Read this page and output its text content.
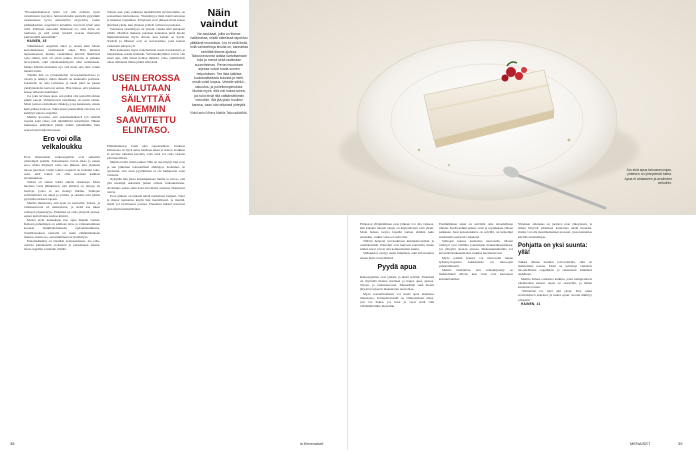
"Ennaltaehkäisevä hoito voi olla osittain myös rahoituksen kysymys. Sairaanhoidon puolella pystytään vastaamaan hyvin akuutteihin tarpeisiin, mutta pitkäaikaisten ongelmien kohdalla resurssit eivät aina riitä. Potilaan kannalta tärkeintä on, että hoito on jatkuvaa ja että sama henkilö seuraa tilannetta pidemmällä aikavälillä."

HAINEN, 45

Tutkimusten ongelmia alkoi jo ennen kuin hänen kertomuksensa varsinaisesti alkoi. Hän muistaa lapsuudestaan, kuinka vanhemmat kävivät lääkärissä vain silloin, kun oli aivan pakko. Kotona ei puhuttu terveydestä, eikä ennaltaehkäisystä ollut kuultukaan. Minna Mattila muistelee nyt, että moni asia olisi voinut mennä toisin.

Tänään hän on työskennellyt terveydenhuollossa jo vuosia ja nähnyt, miten tärkeää on kuunnella potilasta. Jokaisella on oma tarinansa, ja usein juuri ne pienet yksityiskohdat kertovat eniten. Hän haluaa, että jokainen kokee tulleensa kuulluksi.

Jos joku tarvitsee apua, sen pitäisi olla saatavilla ilman pitkiä jonoja. Valitettavasti todellisuus on usein toinen. Moni joutuu odottamaan viikkoja, jopa kuukausia, ennen kuin pääsee hoitoon. Siinä ajassa pienestäkin vaivasta voi kehittyä vakava ongelma.

Mattila korostaa, että ennaltaehkäisevä työ säästää lopulta sekä rahaa että inhimillistä kärsimystä. Hänen mukaansa päättäjien pitäisi nähdä pidemmälle kuin seuraavaan budjettivuoteen.

Ero voi olla velkaloukku

Eron aiheuttamat velkaongelmat ovat selkeästi yleisempiä naisilla. Taloushuolet voivat alkaa jo ennen eroa, mutta kärjistyä vasta sen jälkeen, kun yhteinen talous puretaan. Usein toinen osapuoli on hoitanut raha-asiat, eikä toinen ole ollut tietoinen kaikista sitoumuksista.

Silloin on vaikea tehdä oikeita ratkaisuja. Moni huomaa vasta jälkikäteen, että nimissä on lainoja tai luottoja, joista ei ole tiennyt mitään. Velkojen selvittäminen vie aikaa ja voimia, ja samalla arki pitäisi pyörittää entiseen tapaan.

Mattila muistuttaa, että apua on saatavilla. Talous- ja velkaneuvonta on maksutonta, ja sieltä saa tukea velkojen järjestelyyn. Tärkeintä on ottaa yhteyttä ajoissa, ennen kuin tilanne karkaa käsistä.

Monet eivät kuitenkaan hae apua häpeän vuoksi. Rahasta puhuminen on edelleen tabu, ja velkaantuminen koetaan henkilökohtaisena epäonnistumisena. Todellisuudessa taustalla on usein elämäntilanteen muutos, kuten ero, sairastuminen tai työttömyys.

Ennaltaehkäisy on tässäkin avainasemassa. Jos raha-asioista puhuttaisiin avoimesti jo parisuhteen aikana, moni ongelma voitaisiin välttää.

Toinen asia, joka vaikuttaa merkittävästi hyvinvointiin, on sosiaalinen tukiverkosto. Yksinäisyys lisää riskiä sairastua ja hidastaa toipumista. Erityisesti eron jälkeen moni kokee jäävänsä yksin, kun yhteiset ystävät valitsevat puolensa.

Suomessa yksinäisyys on yleistä, vaikka siitä puhutaan vähän. Mattilan mukaan jokaisen kannattaa pitää huolta ihmissuhteistaan myös silloin, kun kaikki on hyvin. Ystävät ja läheiset ovat se turvaverkko, joka kantaa vaikeiden aikojen yli.

Hän kannustaa myös kokeilemaan uusia harrastuksia ja tutustumaan uusiin ihmisiin. Vertaistukiryhmät voivat olla suuri apu, sillä niissä kohtaa ihmisiä, jotka ymmärtävät omaa tilannetta ilman pitkiä selityksiä.

USEIN EROSSA HALUTAAN SÄILYTTÄÄ AIEMMIN SAAVUTETTU ELINTASO.

Elämänmuutos vaatii aina sopeutumista. Uudessa tilanteessa on hyvä antaa itselleen aikaa ja armoa. Kaikkea ei tarvitse ratkaista kerralla, vaan asiat voi ottaa vastaan yksi kerrallaan.

Mattila tietää, mistä puhuu. Hän on itse käynyt läpi eron ja sen jälkeisen taloudellisen ahdingon. Kokemus on opettanut, että avun pyytäminen ei ole heikkoutta vaan viisautta.

Nykyään hän jakaa kokemuksiaan muille ja toivoo, että yhä useampi uskaltaisi puhua omista vaikeuksistaan. Avoimuus auttaa sekä itseä että muita samassa tilanteessa olevia.

Eron jälkeen on tärkeää tehdä realistinen budjetti. Tulot ja menot kannattaa käydä läpi huolellisesti, ja miettiä, mistä voi tarvittaessa joustaa. Pienetkin säästöt kasvavat ajan myötä merkittäviksi.

Näin vaindut
Ne asukkaat, joilla on tilanne hallinnassa, mikäli elämässä tapahtuu yllättäviä muutoksia. Jos et vielä tiedä, mitä vaihtoehtoja sinulla on, kannattaa selvittää tilanne ajoissa. Talousneuvonta auttaa kartoittamaan tulot ja menot sekä laatimaan suunnitelman. Pienet muutokset arjessa voivat tuoda suuren helpotuksen. Tee lista kaikista kuukausittaisista kuluista ja mieti, mistä voisit luopua. Vertaile sähkö-, vakuutus- ja puhelinsopimuksia. Muista myös, että voit hakea tukea, jos tulot eivät riitä välttämättömiin menoihin. Älä jää yksin huoliesi kanssa, vaan ota rohkeasti yhteyttä.
Vinkit antoi Minna Mattila Takuusäätiöltä.
38	is.fi/menaiset
Jos sinä apua talousneuvojan, yhteisen on yhteydestä tukea. Apua ei ahtaaseen ja avoimeen velkoihin.

Elintason ylläpitäminen eron jälkeen voi olla vaikeaa, kun kahden tulojen sijaan on käytettävissä vain yhdet. Moni haluaa tarjota lapsille saman elämän kuin ennenkin, vaikka varaa ei enää olisi.

Tällöin helposti turvaudutaan kulutusluottoihin ja osamaksuihin. Pikavipit ovat helposti saatavilla, mutta niiden korot voivat olla kohtuuttoman suuria.

Velkakierre syntyy usein hiljalleen, eikä sitä huomaa ennen kuin on myöhäistä.

Pyydä apua

Rahaongelmat ovat yleisiä, ja niistä selviää. Tärkeintä on myöntää tilanne itselleen ja hakea apua ajoissa. Talous- ja velkaneuvonta, Takuusäätiö sekä monet järjestöt tarjoavat maksutonta neuvontaa.

Myös sosiaalitoimesta voi saada apua akuutissa tilanteessa. Toimeentulotuki on viimesijainen etuus, jota voi hakea, jos tulot ja varat eivät riitä välttämättömiin menoihin.

Ensimmäinen askel on selvittää oma taloudellinen tilanne. Kerää kaikki laskut, velat ja sopimukset yhteen paikkaan. Kun kokonaiskuva on selvillä, on helpompi suunnitella seuraavia askeleita.

Velkojen kanssa kannattaa neuvotella. Monet velkojat ovat valmiita joustamaan maksuaikatauluissa, jos yhteyttä otetaan ajoissa. Maksusuunnitelma voi keventää kuukausittaista taakkaa huomattavasti.

Myös pankin kanssa voi neuvotella lainan lyhennysvapaista kuukausista tai laina-ajan pidentämisestä.

Mattila muistuttaa, että velkajärjestely on mahdollinen silloin, kun velat ovat kasvaneet kohtuuttomiksi.

Yhteinen omaisuus on jaettava eron yhteydessä, ja siihen liittyvät päätökset kannattaa tehdä huolella. Ositus voi olla monimutkainen prosessi, jossa kannattaa käyttää asiantuntijaa.

Pohjatta on yksi suunta: yllä!

Vaikka tilanne tuntuisi toivottomalta, siitä on mahdollista nousta. Moni on selvinnyt vaikeista taloudellisista ongelmista ja rakentanut elämänsä uudelleen.

Mattila haluaa rohkaista kaikkia, jotka kamppailevat rahahuolien kanssa. Apua on saatavilla, ja siihen kannattaa tarttua.

"Tärkeintä on, ettei jää yksin. Kun ottaa ensimmäisen askeleen ja hakee apua, suunta kääntyy ylöspäin."

HAINEN, 41

MENAISET	39
